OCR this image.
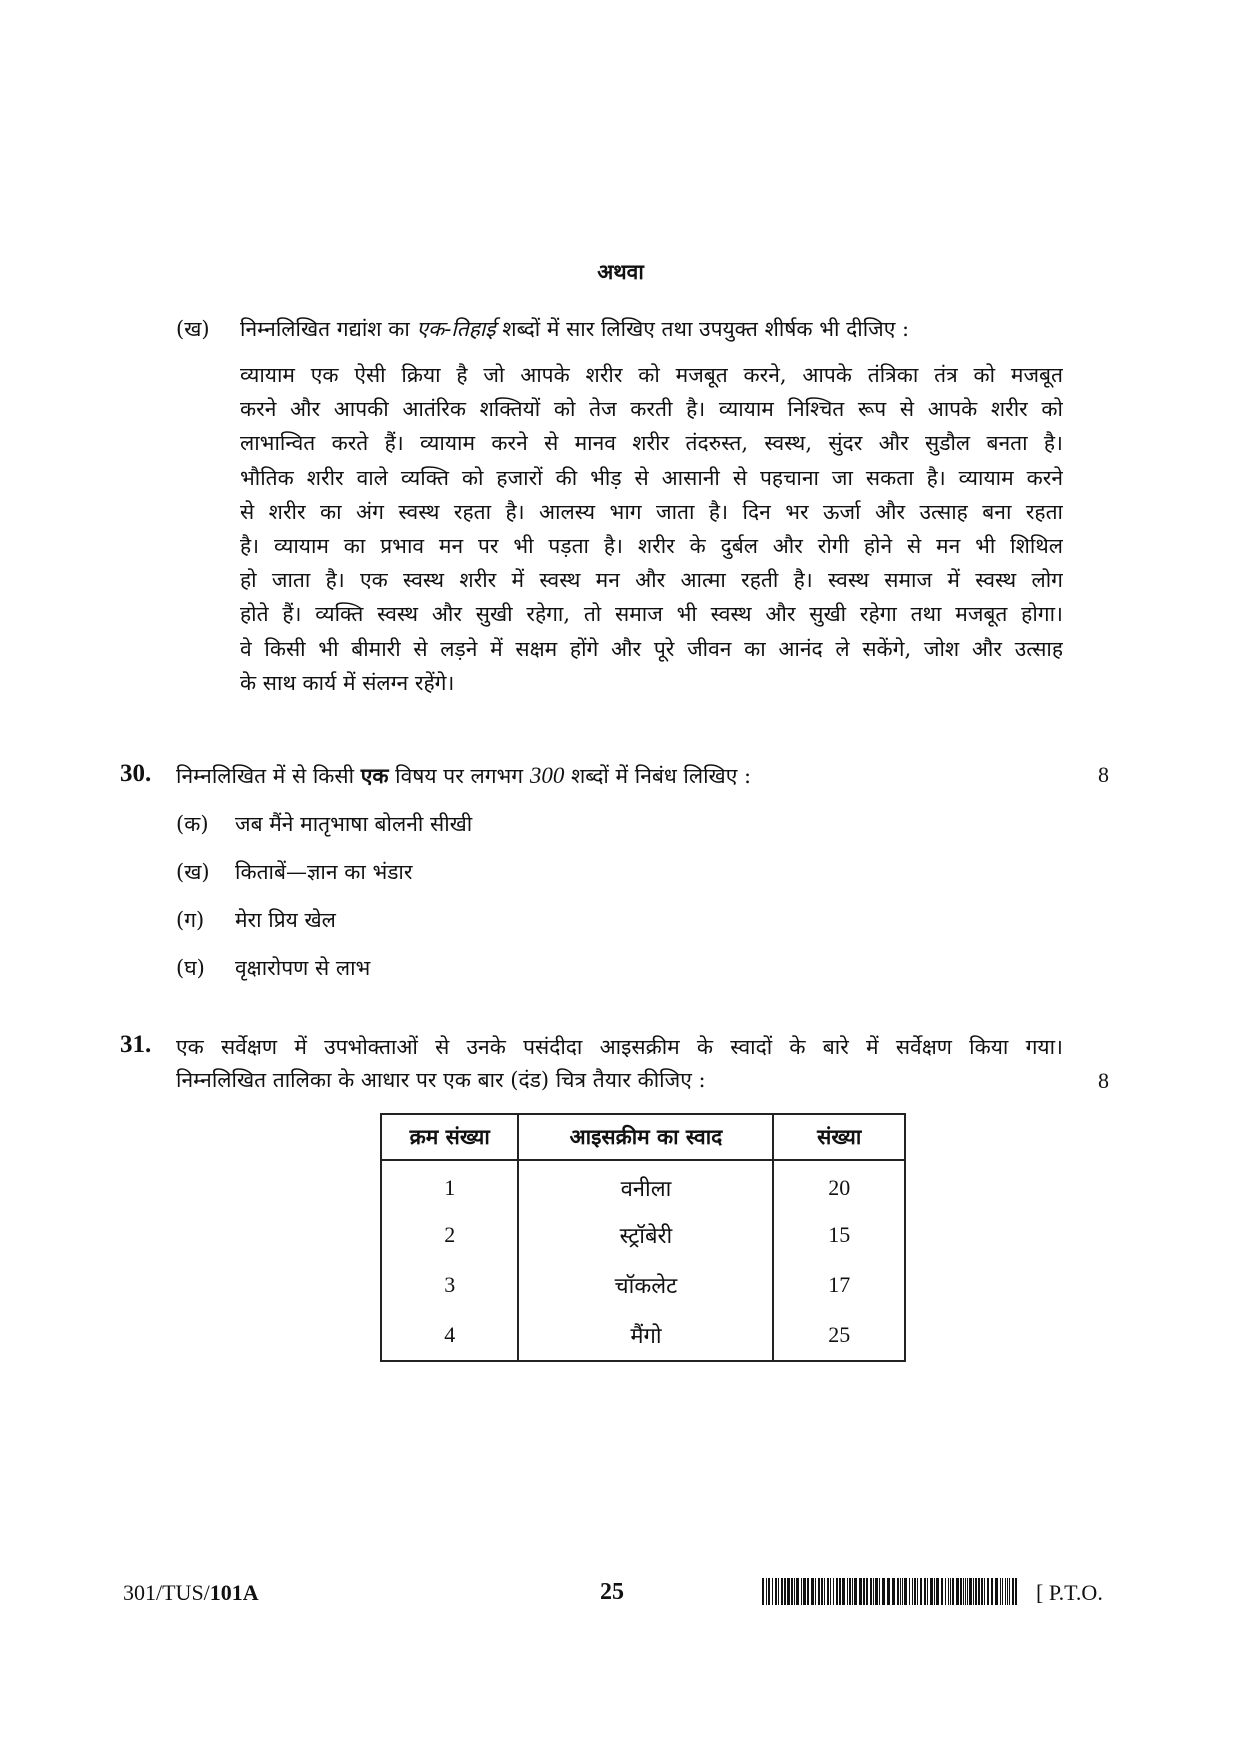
अथवा
(ख) निम्नलिखित गद्यांश का एक-तिहाई शब्दों में सार लिखिए तथा उपयुक्त शीर्षक भी दीजिए :
व्यायाम एक ऐसी क्रिया है जो आपके शरीर को मजबूत करने, आपके तंत्रिका तंत्र को मजबूत
करने और आपकी आतंरिक शक्तियों को तेज करती है। व्यायाम निश्चित रूप से आपके शरीर को
लाभान्वित करते हैं। व्यायाम करने से मानव शरीर तंदरुस्त, स्वस्थ, सुंदर और सुडौल बनता है।
भौतिक शरीर वाले व्यक्ति को हजारों की भीड़ से आसानी से पहचाना जा सकता है। व्यायाम करने
से शरीर का अंग स्वस्थ रहता है। आलस्य भाग जाता है। दिन भर ऊर्जा और उत्साह बना रहता
है। व्यायाम का प्रभाव मन पर भी पड़ता है। शरीर के दुर्बल और रोगी होने से मन भी शिथिल
हो जाता है। एक स्वस्थ शरीर में स्वस्थ मन और आत्मा रहती है। स्वस्थ समाज में स्वस्थ लोग
होते हैं। व्यक्ति स्वस्थ और सुखी रहेगा, तो समाज भी स्वस्थ और सुखी रहेगा तथा मजबूत होगा।
वे किसी भी बीमारी से लड़ने में सक्षम होंगे और पूरे जीवन का आनंद ले सकेंगे, जोश और उत्साह
के साथ कार्य में संलग्न रहेंगे।
30. निम्नलिखित में से किसी एक विषय पर लगभग 300 शब्दों में निबंध लिखिए :	8
(क) जब मैंने मातृभाषा बोलनी सीखी
(ख) किताबें—ज्ञान का भंडार
(ग) मेरा प्रिय खेल
(घ) वृक्षारोपण से लाभ
31. एक सर्वेक्षण में उपभोक्ताओं से उनके पसंदीदा आइसक्रीम के स्वादों के बारे में सर्वेक्षण किया गया।
निम्नलिखित तालिका के आधार पर एक बार (दंड) चित्र तैयार कीजिए :	8
क्रम संख्या	आइसक्रीम का स्वाद	संख्या
1	वनीला	20
2	स्ट्रॉबेरी	15
3	चॉकलेट	17
4	मैंगो	25
301/TUS/101A	25	[ P.T.O.
